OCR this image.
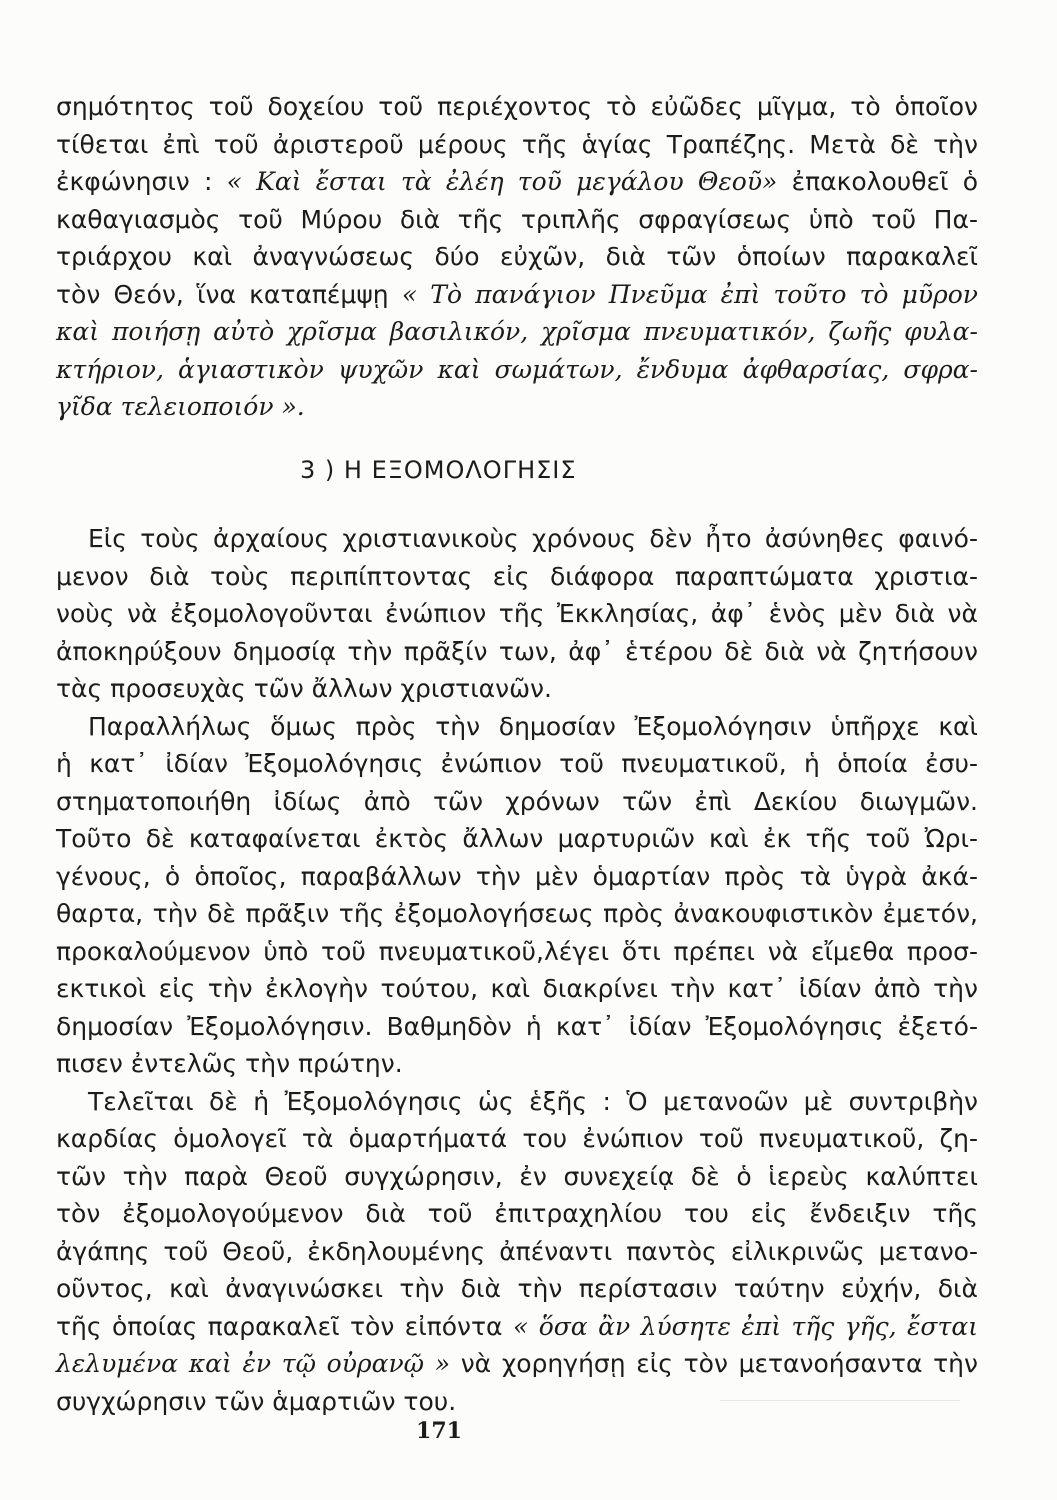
σημότητος τοῦ δοχείου τοῦ περιέχοντος τὸ εὐῶδες μῖγμα, τὸ ὁποῖον
τίθεται ἐπὶ τοῦ ἀριστεροῦ μέρους τῆς ἁγίας Τραπέζης. Μετὰ δὲ τὴν
ἐκφώνησιν : « Καὶ ἔσται τὰ ἐλέη τοῦ μεγάλου Θεοῦ» ἐπακολουθεῖ ὁ
καθαγιασμὸς τοῦ Μύρου διὰ τῆς τριπλῆς σφραγίσεως ὑπὸ τοῦ Πα-
τριάρχου καὶ ἀναγνώσεως δύο εὐχῶν, διὰ τῶν ὁποίων παρακαλεῖ
τὸν Θεόν, ἵνα καταπέμψῃ « Τὸ πανάγιον Πνεῦμα ἐπὶ τοῦτο τὸ μῦρον
καὶ ποιήσῃ αὐτὸ χρῖσμα βασιλικόν, χρῖσμα πνευματικόν, ζωῆς φυλα-
κτήριον, ἁγιαστικὸν ψυχῶν καὶ σωμάτων, ἔνδυμα ἀφθαρσίας, σφρα-
γῖδα τελειοποιόν ».
3 ) Η ΕΞΟΜΟΛΟΓΗΣΙΣ
Εἰς τοὺς ἀρχαίους χριστιανικοὺς χρόνους δὲν ἦτο ἀσύνηθες φαινό-
μενον διὰ τοὺς περιπίπτοντας εἰς διάφορα παραπτώματα χριστια-
νοὺς νὰ ἐξομολογοῦνται ἐνώπιον τῆς Ἐκκλησίας, ἀφ᾽ ἑνὸς μὲν διὰ νὰ
ἀποκηρύξουν δημοσίᾳ τὴν πρᾶξίν των, ἀφ᾽ ἑτέρου δὲ διὰ νὰ ζητήσουν
τὰς προσευχὰς τῶν ἄλλων χριστιανῶν.
Παραλλήλως ὅμως πρὸς τὴν δημοσίαν Ἐξομολόγησιν ὑπῆρχε καὶ
ἡ κατ᾽ ἰδίαν Ἐξομολόγησις ἐνώπιον τοῦ πνευματικοῦ, ἡ ὁποία ἐσυ-
στηματοποιήθη ἰδίως ἀπὸ τῶν χρόνων τῶν ἐπὶ Δεκίου διωγμῶν.
Τοῦτο δὲ καταφαίνεται ἐκτὸς ἄλλων μαρτυριῶν καὶ ἐκ τῆς τοῦ Ὠρι-
γένους, ὁ ὁποῖος, παραβάλλων τὴν μὲν ὁμαρτίαν πρὸς τὰ ὑγρὰ ἀκά-
θαρτα, τὴν δὲ πρᾶξιν τῆς ἐξομολογήσεως πρὸς ἀνακουφιστικὸν ἐμετόν,
προκαλούμενον ὑπὸ τοῦ πνευματικοῦ,λέγει ὅτι πρέπει νὰ εἴμεθα προσ-
εκτικοὶ εἰς τὴν ἐκλογὴν τούτου, καὶ διακρίνει τὴν κατ᾽ ἰδίαν ἀπὸ τὴν
δημοσίαν Ἐξομολόγησιν. Βαθμηδὸν ἡ κατ᾽ ἰδίαν Ἐξομολόγησις ἐξετό-
πισεν ἐντελῶς τὴν πρώτην.
Τελεῖται δὲ ἡ Ἐξομολόγησις ὡς ἑξῆς : Ὁ μετανοῶν μὲ συντριβὴν
καρδίας ὁμολογεῖ τὰ ὁμαρτήματά του ἐνώπιον τοῦ πνευματικοῦ, ζη-
τῶν τὴν παρὰ Θεοῦ συγχώρησιν, ἐν συνεχείᾳ δὲ ὁ ἱερεὺς καλύπτει
τὸν ἐξομολογούμενον διὰ τοῦ ἐπιτραχηλίου του εἰς ἔνδειξιν τῆς
ἀγάπης τοῦ Θεοῦ, ἐκδηλουμένης ἀπέναντι παντὸς εἰλικρινῶς μετανο-
οῦντος, καὶ ἀναγινώσκει τὴν διὰ τὴν περίστασιν ταύτην εὐχήν, διὰ
τῆς ὁποίας παρακαλεῖ τὸν εἰπόντα « ὅσα ἂν λύσητε ἐπὶ τῆς γῆς, ἔσται
λελυμένα καὶ ἐν τῷ οὐρανῷ » νὰ χορηγήσῃ εἰς τὸν μετανοήσαντα τὴν
συγχώρησιν τῶν ἁμαρτιῶν του.
171
